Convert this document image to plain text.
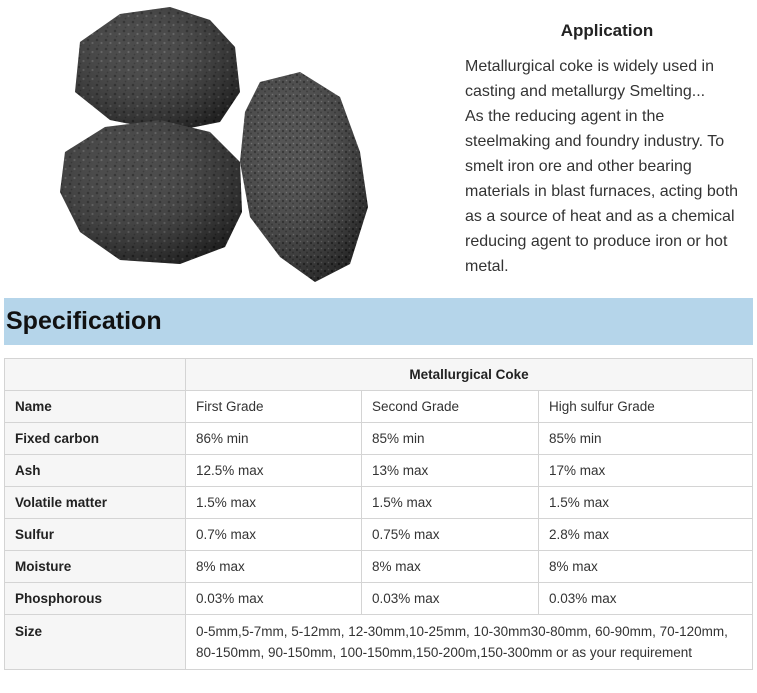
Application

Metallurgical coke is widely used in

casting and metallurgy Smelting...

As the reducing agent in the

steelmaking and foundry industry. To

smelt iron ore and other bearing

materials in blast furnaces, acting both

as a source of heat and as a chemical

reducing agent to produce iron or hot

metal.

Specification
	Metallurgical Coke		
Name	First Grade	Second Grade	High sulfur Grade
Fixed carbon	86% min	85% min	85% min
Ash	12.5% max	13% max	17% max
Volatile matter	1.5% max	1.5% max	1.5% max
Sulfur	0.7% max	0.75% max	2.8% max
Moisture	8% max	8% max	8% max
Phosphorous	0.03% max	0.03% max	0.03% max
Size	0-5mm,5-7mm, 5-12mm, 12-30mm,10-25mm, 10-30mm30-80mm, 60-90mm, 70-120mm, 80-150mm, 90-150mm, 100-150mm,150-200m,150-300mm or as your requirement		
